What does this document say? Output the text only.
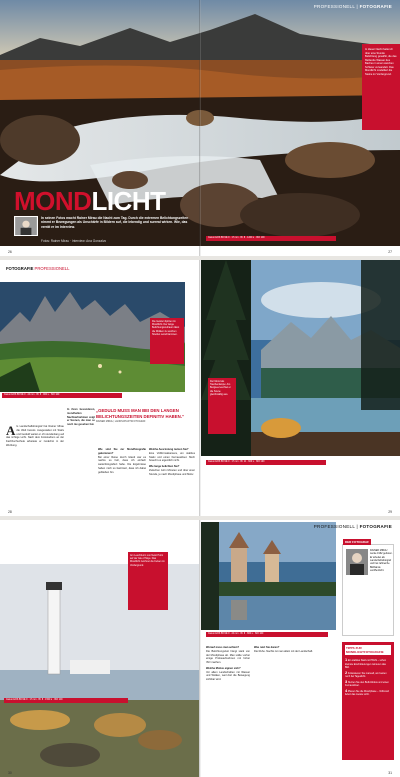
PROFESSIONELL | FOTOGRAFIE
In dieser Nacht hatte ich über eine Stunde Belichtung gewählt, die das fließende Wasser des Baches in einen weichen Schleier verwandelt. Das Mondlicht modelliert die Steine im Vordergrund.
MONDLICHT
In seinen Fotos macht Rainer Mirau die Nacht zum Tag. Durch die extremen Belichtungszeiten nimmt er Bewegungen als Unschärfe in Bildern auf, die lebendig und surreal wirken. Wie, das verrät er im Interview.
Fotos: Rainer Mirau · Interview: Ana Gonzalvo
Canon EOS 5D Mk II · 17 mm · Bl. 8 · 1200 s · ISO 100
26	27
FOTOGRAFIE PROFESSIONELL
Die Geisler-Spitzen im Mondlicht. Der lange Belichtungszeitraum lässt die Wolken zu weichen Streifen verschwimmen.
Canon EOS 5D Mk II · 24 mm · Bl. 8 · 900 s · ISO 100
„GEDULD MUSS MAN BEI DEN LANGEN BELICHTUNGSZEITEN DEFINITIV HABEN.“
RAINER MIRAU, LANDSCHAFTSFOTOGRAF
Als Landschaftsfotograf hat Rainer Mirau die Welt bereist. Ausgestattet mit Stativ und Geduld wartet er oft stundenlang auf das richtige Licht. Nach dem Fotostudium an der Fachhochschule arbeitete er zunächst in der Werbung.
In ihren besonderen, mondhellen Nachtaufnahmen zeigt er Szenen, die man so noch nie gesehen hat.
Wie sind Sie zur Mondfotografie gekommen?
Bei einer Reise durch Island war es nachts so hell, dass ich einfach weiterfotografiert habe. Die Ergebnisse haben mich so fasziniert, dass ich dabei geblieben bin.
Welche Ausrüstung nutzen Sie?
Eine Vollformatkamera, ein stabiles Stativ und einen Fernauslöser. Mehr braucht es eigentlich nicht.
Wie lange belichten Sie?
Zwischen zehn Minuten und über einer Stunde, je nach Mondphase und Motiv.
Der Mond als Taschenlampe: Am Bergsee leuchtet er die Szene gleichmäßig aus.
Canon EOS 5D Mk II · 17 mm · Bl. 11 · 600 s · ISO 100
28	29
Am Leuchtturm von Neist Point auf der Isle of Skye. Das Mondlicht zeichnet die Felsen im Vordergrund.
Canon EOS 5D Mk II · 17 mm · Bl. 8 · 1500 s · ISO 100
Canon EOS 5D Mk II · 24 mm · Bl. 8 · 800 s · ISO 100
PROFESSIONELL | FOTOGRAFIE
DER FOTOGRAF
RAINER MIRAU wurde 1962 geboren. Er arbeitet als Landschaftsfotograf und hat zahlreiche Bildbände veröffentlicht.
TIPPS ZUR MONDLICHTFOTOGRAFIE
1 Ein stabiles Stativ ist Pflicht – schon kleinste Erschütterungen ruinieren das Bild.
2 Fokussieren Sie manuell, am besten noch bei Tageslicht.
3 Nutzen Sie den Bulb-Modus und einen Fernauslöser.
4 Planen Sie die Mondphase – Vollmond liefert das meiste Licht.
Worauf muss man achten?
Die Belichtungszeit hängt stark von der Mondphase ab. Man sollte vorher einige Probeaufnahmen mit hoher ISO machen.
Welche Motive eignen sich?
Vor allem Landschaften mit Wasser und Wolken, weil dort die Bewegung sichtbar wird.
Was reizt Sie daran?
Die Ruhe. Nachts ist man allein mit der Landschaft.
30	31
